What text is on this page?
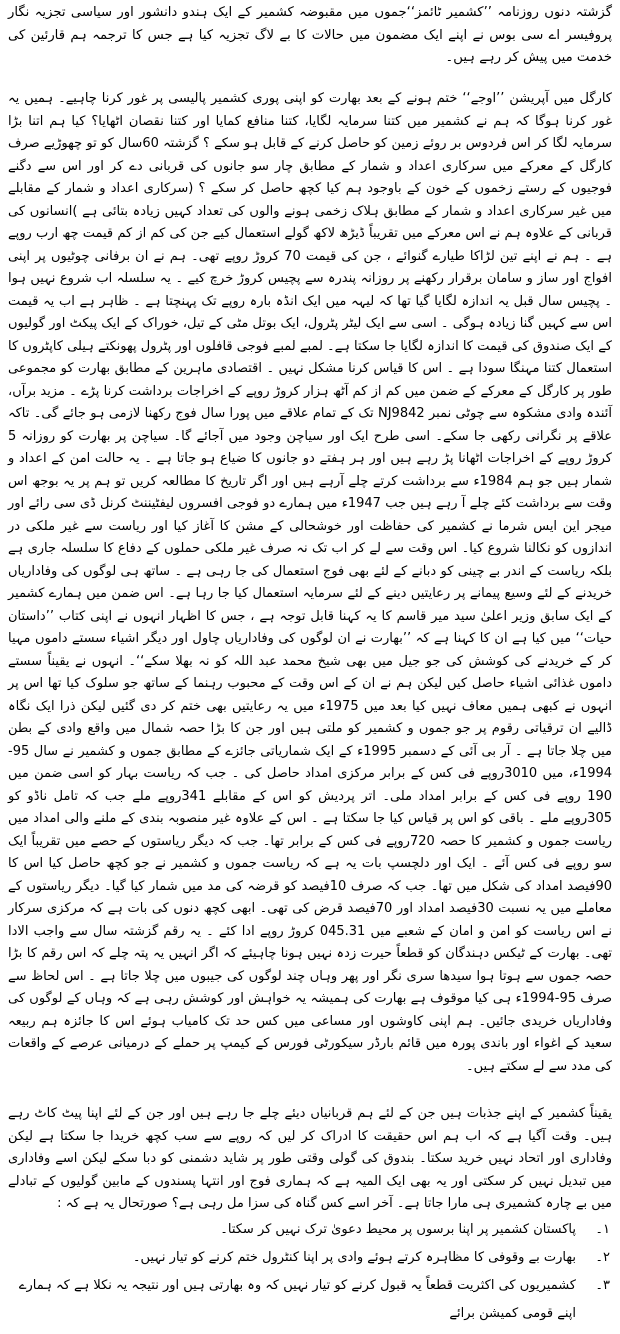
گزشتہ دنوں روزنامہ ’’کشمیر ٹائمز‘‘جموں میں مقبوضہ کشمیر کے ایک ہندو دانشور اور سیاسی تجزیہ نگار پروفیسر اے سی بوس نے اپنے ایک مضمون میں حالات کا بے لاگ تجزیہ کیا ہے جس کا ترجمہ ہم قارئین کی خدمت میں پیش کر رہے ہیں۔

کارگل میں آپریشن ’’اوجے‘‘ ختم ہونے کے بعد بھارت کو اپنی پوری کشمیر پالیسی پر غور کرنا چاہیے۔ ہمیں یہ غور کرنا ہوگا کہ ہم نے کشمیر میں کتنا سرمایہ لگایا، کتنا منافع کمایا اور کتنا نقصان اٹھایا؟ کیا ہم اتنا بڑا سرمایہ لگا کر اس فردوس بر روئے زمین کو حاصل کرنے کے قابل ہو سکے ؟ گزشتہ 60سال کو تو چھوڑیے صرف کارگل کے معرکے میں سرکاری اعداد و شمار کے مطابق چار سو جانوں کی قربانی دے کر اور اس سے دگنے فوجیوں کے رستے زخموں کے خون کے باوجود ہم کیا کچھ حاصل کر سکے ؟ (سرکاری اعداد و شمار کے مقابلے میں غیر سرکاری اعداد و شمار کے مطابق ہلاک زخمی ہونے والوں کی تعداد کہیں زیادہ بتائی ہے )انسانوں کی قربانی کے علاوہ ہم نے اس معرکے میں تقریباً ڈیڑھ لاکھ گولے استعمال کیے جن کی کم از کم قیمت چھ ارب روپے ہے ۔ ہم نے اپنے تین لڑاکا طیارے گنوائے ، جن کی قیمت 70 کروڑ روپے تھی۔ ہم نے ان برفانی چوٹیوں پر اپنی افواج اور ساز و سامان برقرار رکھنے پر روزانہ پندرہ سے پچیس کروڑ خرچ کیے ۔ یہ سلسلہ اب شروع نہیں ہوا ۔ پچیس سال قبل یہ اندازہ لگایا گیا تھا کہ لیہہ میں ایک انڈہ بارہ روپے تک پہنچتا ہے ۔ ظاہر ہے اب یہ قیمت اس سے کہیں گنا زیادہ ہوگی ۔ اسی سے ایک لیٹر پٹرول، ایک بوتل مٹی کے تیل، خوراک کے ایک پیکٹ اور گولیوں کے ایک صندوق کی قیمت کا اندازہ لگایا جا سکتا ہے۔ لمبے لمبے فوجی قافلوں اور پٹرول پھونکتے ہیلی کاپٹروں کا استعمال کتنا مہنگا سودا ہے ۔ اس کا قیاس کرنا مشکل نہیں ۔ اقتصادی ماہرین کے مطابق بھارت کو مجموعی طور پر کارگل کے معرکے کے ضمن میں کم از کم آٹھ ہزار کروڑ روپے کے اخراجات برداشت کرنا پڑے ۔ مزید برآں، آئندہ وادی مشکوہ سے چوٹی نمبر NJ9842 تک کے تمام علاقے میں پورا سال فوج رکھنا لازمی ہو جائے گی۔ تاکہ علاقے پر نگرانی رکھی جا سکے۔ اسی طرح ایک اور سیاچن وجود میں آجائے گا۔ سیاچن پر بھارت کو روزانہ 5 کروڑ روپے کے اخراجات اٹھانا پڑ رہے ہیں اور ہر ہفتے دو جانوں کا ضیاع ہو جاتا ہے ۔ یہ حالت امن کے اعداد و شمار ہیں جو ہم 1984ء سے برداشت کرتے چلے آرہے ہیں اور اگر تاریخ کا مطالعہ کریں تو ہم پر یہ بوجھ اس وقت سے برداشت کئے چلے آ رہے ہیں جب 1947ء میں ہمارے دو فوجی افسروں لیفٹیننٹ کرنل ڈی سی رائے اور میجر این ایس شرما نے کشمیر کی حفاظت اور خوشحالی کے مشن کا آغاز کیا اور ریاست سے غیر ملکی در اندازوں کو نکالنا شروع کیا۔ اس وقت سے لے کر اب تک نہ صرف غیر ملکی حملوں کے دفاع کا سلسلہ جاری ہے بلکہ ریاست کے اندر بے چینی کو دبانے کے لئے بھی فوج استعمال کی جا رہی ہے ۔ ساتھ ہی لوگوں کی وفاداریاں خریدنے کے لئے وسیع پیمانے پر رعایتیں دینے کے لئے سرمایہ استعمال کیا جا رہا ہے۔ اس ضمن میں ہمارے کشمیر کے ایک سابق وزیر اعلیٰ سید میر قاسم کا یہ کہنا قابل توجہ ہے ، جس کا اظہار انہوں نے اپنی کتاب ’’داستان حیات‘‘ میں کیا ہے ان کا کہنا ہے کہ ’’بھارت نے ان لوگوں کی وفاداریاں چاول اور دیگر اشیاء سستے داموں مہیا کر کے خریدنے کی کوشش کی جو جیل میں بھی شیخ محمد عبد اللہ کو نہ بھلا سکے‘‘۔ انہوں نے یقیناً سستے داموں غذائی اشیاء حاصل کیں لیکن ہم نے ان کے اس وقت کے محبوب رہنما کے ساتھ جو سلوک کیا تھا اس پر انہوں نے کبھی ہمیں معاف نہیں کیا بعد میں 1975ء میں یہ رعایتیں بھی ختم کر دی گئیں لیکن ذرا ایک نگاہ ڈالیے ان ترقیاتی رقوم پر جو جموں و کشمیر کو ملتی ہیں اور جن کا بڑا حصہ شمال میں واقع وادی کے بطن میں چلا جاتا ہے ۔ آر بی آئی کے دسمبر 1995ء کے ایک شماریاتی جائزے کے مطابق جموں و کشمیر نے سال 95-1994ء، میں 3010روپے فی کس کے برابر مرکزی امداد حاصل کی ۔ جب کہ ریاست بہار کو اسی ضمن میں 190 روپے فی کس کے برابر امداد ملی۔ اتر پردیش کو اس کے مقابلے 341روپے ملے جب کہ تامل ناڈو کو 305روپے ملے ۔ باقی کو اس پر قیاس کیا جا سکتا ہے ۔ اس کے علاوہ غیر منصوبہ بندی کے ملنے والی امداد میں ریاست جموں و کشمیر کا حصہ 720روپے فی کس کے برابر تھا۔ جب کہ دیگر ریاستوں کے حصے میں تقریباً ایک سو روپے فی کس آئے ۔ ایک اور دلچسپ بات یہ ہے کہ ریاست جموں و کشمیر نے جو کچھ حاصل کیا اس کا 90فیصد امداد کی شکل میں تھا۔ جب کہ صرف 10فیصد کو قرضہ کی مد میں شمار کیا گیا۔ دیگر ریاستوں کے معاملے میں یہ نسبت 30فیصد امداد اور 70فیصد قرض کی تھی۔ ابھی کچھ دنوں کی بات ہے کہ مرکزی سرکار نے اس ریاست کو امن و امان کے شعبے میں 045.31 کروڑ روپے ادا کئے ۔ یہ رقم گزشتہ سال سے واجب الادا تھی۔ بھارت کے ٹیکس دہندگان کو قطعاً حیرت زدہ نہیں ہونا چاہیئے کہ اگر انہیں یہ پتہ چلے کہ اس رقم کا بڑا حصہ جموں سے ہوتا ہوا سیدھا سری نگر اور پھر وہاں چند لوگوں کی جیبوں میں چلا جاتا ہے ۔ اس لحاظ سے صرف 95-1994ء ہی کیا موقوف ہے بھارت کی ہمیشہ یہ خواہش اور کوشش رہی ہے کہ وہاں کے لوگوں کی وفاداریاں خریدی جائیں۔ ہم اپنی کاوشوں اور مساعی میں کس حد تک کامیاب ہوئے اس کا جائزہ ہم ربیعہ سعید کے اغواء اور باندی پورہ میں قائم بارڈر سیکورٹی فورس کے کیمپ پر حملے کے درمیانی عرصے کے واقعات کی مدد سے لے سکتے ہیں۔

یقیناً کشمیر کے اپنے جذبات ہیں جن کے لئے ہم قربانیاں دیئے چلے جا رہے ہیں اور جن کے لئے اپنا پیٹ کاٹ رہے ہیں۔ وقت آگیا ہے کہ اب ہم اس حقیقت کا ادراک کر لیں کہ روپے سے سب کچھ خریدا جا سکتا ہے لیکن وفاداری اور اتحاد نہیں خرید سکتا۔ بندوق کی گولی وقتی طور پر شاید دشمنی کو دبا سکے لیکن اسے وفاداری میں تبدیل نہیں کر سکتی اور یہ بھی ایک المیہ ہے کہ ہماری فوج اور انتہا پسندوں کے مابین گولیوں کے تبادلے میں بے چارہ کشمیری ہی مارا جاتا ہے۔ آخر اسے کس گناہ کی سزا مل رہی ہے؟ صورتحال یہ ہے کہ :

۱۔
پاکستان کشمیر پر اپنا برسوں پر محیط دعویٰ ترک نہیں کر سکتا۔
۲۔
بھارت بے وقوفی کا مظاہرہ کرتے ہوئے وادی پر اپنا کنٹرول ختم کرنے کو تیار نہیں۔
۳۔
کشمیریوں کی اکثریت قطعاً یہ قبول کرنے کو تیار نہیں کہ وہ بھارتی ہیں اور نتیجہ یہ نکلا ہے کہ ہمارے اپنے قومی کمیشن برائے
